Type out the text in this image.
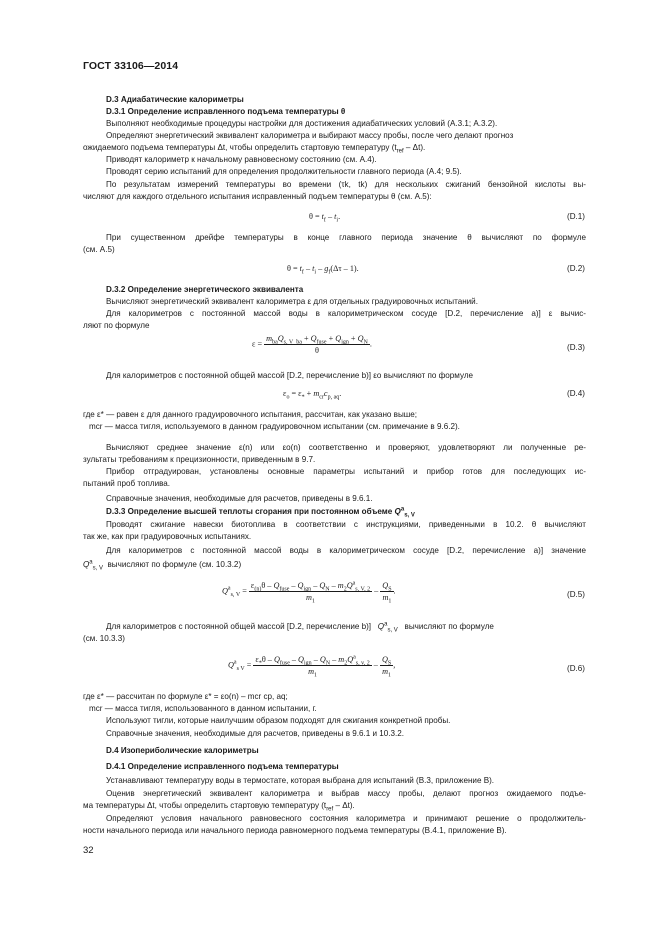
ГОСТ 33106—2014
D.3 Адиабатические калориметры
D.3.1 Определение исправленного подъема температуры θ
Выполняют необходимые процедуры настройки для достижения адиабатических условий (А.3.1; А.3.2).
Определяют энергетический эквивалент калориметра и выбирают массу пробы, после чего делают прогноз
ожидаемого подъема температуры Δt, чтобы определить стартовую температуру $(t_{ref} - \Delta t)$.
Приводят калориметр к начальному равновесному состоянию (см. А.4).
Проводят серию испытаний для определения продолжительности главного периода (А.4; 9.5).
По результатам измерений температуры во времени (τk, tk) для нескольких сжиганий бензойной кислоты вы-
числяют для каждого отдельного испытания исправленный подъем температуры θ (см. А.5):
$\theta = t_f - t_i$.	(D.1)
При существенном дрейфе температуры в конце главного периода значение θ вычисляют по формуле
(см. А.5)
$\theta = t_f - t_i - g_f(\Delta\tau - 1)$.	(D.2)
D.3.2 Определение энергетического эквивалента
Вычисляют энергетический эквивалент калориметра ε для отдельных градуировочных испытаний.
Для калориметров с постоянной массой воды в калориметрическом сосуде [D.2, перечисление а)] ε вычис-
ляют по формуле
$\varepsilon = \frac{m_{ba}Q_{s, V ba} + Q_{fuse} + Q_{ign} + Q_N}{\theta}$ .	(D.3)
Для калориметров с постоянной общей массой [D.2, перечисление b)] εo вычисляют по формуле
$\varepsilon_o = \varepsilon_* + m_{cr}c_{p, aq}$.	(D.4)
где ε* — равен ε для данного градуировочного испытания, рассчитан, как указано выше;
mcr — масса тигля, используемого в данном градуировочном испытании (см. примечание в 9.6.2).
Вычисляют среднее значение ε(n) или εo(n) соответственно и проверяют, удовлетворяют ли полученные ре-
зультаты требованиям к прецизионности, приведенным в 9.7.
Прибор отградуирован, установлены основные параметры испытаний и прибор готов для последующих ис-
пытаний проб топлива.
Справочные значения, необходимые для расчетов, приведены в 9.6.1.
D.3.3 Определение высшей теплоты сгорания при постоянном объеме $Q^a_{s, V}$
Проводят сжигание навески биотоплива в соответствии с инструкциями, приведенными в 10.2. θ вычисляют
так же, как при градуировочных испытаниях.
Для калориметров с постоянной массой воды в калориметрическом сосуде [D.2, перечисление а)] значение
$Q^a_{s, V}$ вычисляют по формуле (см. 10.3.2)
$Q^a_{s, V} = \frac{\varepsilon_{(n)}\theta - Q_{fuse} - Q_{ign} - Q_N - m_2Q^a_{s, V, 2}}{m_1} - \frac{Q_S}{m_1}$ .	(D.5)
Для калориметров с постоянной общей массой [D.2, перечисление b)] $Q^a_{s, V}$ вычисляют по формуле
(см. 10.3.3)
$Q^a_{s V} = \frac{\varepsilon_*\theta - Q_{fuse} - Q_{ign} - Q_N - m_2Q^a_{s, v, 2}}{m_1} - \frac{Q_S}{m_1}$ ,	(D.6)
где ε* — рассчитан по формуле ε* = εo(n) – mcr cp, aq;
mcr — масса тигля, использованного в данном испытании, г.
Используют тигли, которые наилучшим образом подходят для сжигания конкретной пробы.
Справочные значения, необходимые для расчетов, приведены в 9.6.1 и 10.3.2.
D.4 Изопериболические калориметры
D.4.1 Определение исправленного подъема температуры
Устанавливают температуру воды в термостате, которая выбрана для испытаний (В.3, приложение В).
Оценив энергетический эквивалент калориметра и выбрав массу пробы, делают прогноз ожидаемого подъе-
ма температуры Δt, чтобы определить стартовую температуру $(t_{ref} - \Delta t)$.
Определяют условия начального равновесного состояния калориметра и принимают решение о продолжитель-
ности начального периода или начального периода равномерного подъема температуры (В.4.1, приложение В).
32
